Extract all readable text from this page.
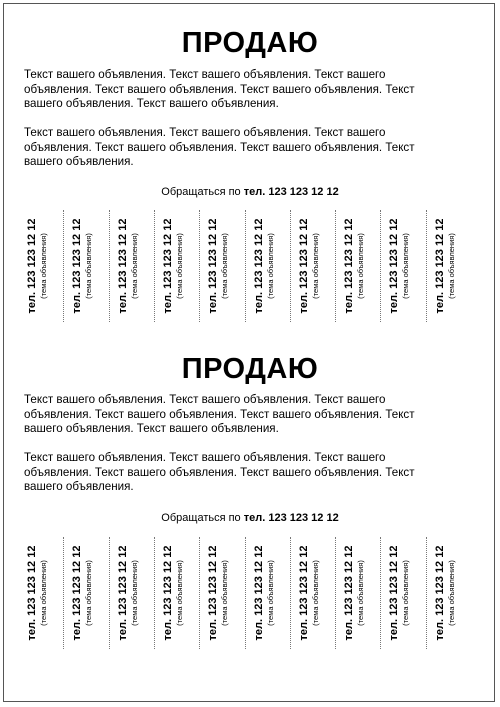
ПРОДАЮ

Текст вашего объявления. Текст вашего объявления. Текст вашего
объявления. Текст вашего объявления. Текст вашего объявления. Текст
вашего объявления. Текст вашего объявления.

Текст вашего объявления. Текст вашего объявления. Текст вашего
объявления. Текст вашего объявления. Текст вашего объявления. Текст
вашего объявления.

Обращаться по тел. 123 123 12 12
тел. 123 123 12 12 (тема объявления) тел. 123 123 12 12 (тема объявления) тел. 123 123 12 12 (тема объявления) тел. 123 123 12 12 (тема объявления) тел. 123 123 12 12 (тема объявления) тел. 123 123 12 12 (тема объявления) тел. 123 123 12 12 (тема объявления) тел. 123 123 12 12 (тема объявления) тел. 123 123 12 12 (тема объявления) тел. 123 123 12 12 (тема объявления)
ПРОДАЮ

Текст вашего объявления. Текст вашего объявления. Текст вашего
объявления. Текст вашего объявления. Текст вашего объявления. Текст
вашего объявления. Текст вашего объявления.

Текст вашего объявления. Текст вашего объявления. Текст вашего
объявления. Текст вашего объявления. Текст вашего объявления. Текст
вашего объявления.

Обращаться по тел. 123 123 12 12
тел. 123 123 12 12 (тема объявления) тел. 123 123 12 12 (тема объявления) тел. 123 123 12 12 (тема объявления) тел. 123 123 12 12 (тема объявления) тел. 123 123 12 12 (тема объявления) тел. 123 123 12 12 (тема объявления) тел. 123 123 12 12 (тема объявления) тел. 123 123 12 12 (тема объявления) тел. 123 123 12 12 (тема объявления) тел. 123 123 12 12 (тема объявления)
